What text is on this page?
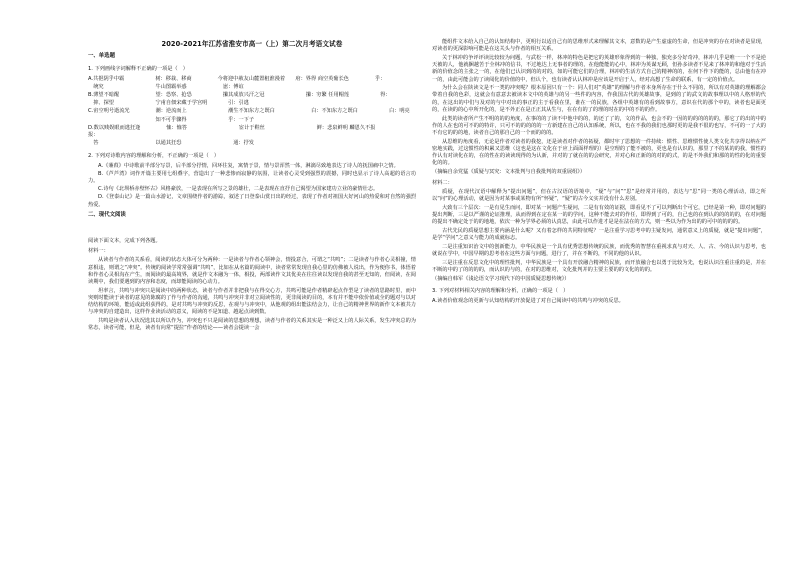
2020-2021年江苏省淮安市高一（上）第二次月考语文试卷
一、单选题
1. 下列画线字词解释不正确的一项是（　）
A.共挹阴乎中霸　　　　　　树：移栽、移商　　　　　今将迎中赦友山麓置租淮漫着　　府：界得 商空英葡长色　　　　　乎：
　统究　　　　　　　　　　牛山图霸举惑　　　　　　　崽：傅谊
B.薄望不暗醒　　　　　　　望：恐察、抢恐　　　　　　攥其成放兴汗之冠　　　　　　　　攥：穷繁 任用帽莲　　　　　　得：
　抑、探望　　　　　　　　宁甫自佃宋藏于学宫明　　　　引：引逃
C.宙空明号逝流光　　　　　潮：逆流而上　　　　　　　　潮生不知东方之既白　　　　　　　白：不知东方之既白　　　　　　白：明亮
　　　　　　　　　　　　　知不可乎骤得　　　　　　　　乎：一下子
D.数以贱娱眼而逃狂逢　　　　　恤：恤答　　　　　　　　　　宦计于鞋丝　　　　　　　　　　鲜：悲泉鲜明 麟恩久不报　　　　　　报：
　答　　　　　　　　　　　以通其狂恐　　　　　　　　　　通：抒发
2. 下列对诗歌内容的理解和分析，不正确的一项是（　）
A.《蒹葭》中诗歌前半部分写景，后半部分抒情，回环往复，寓情于景，情与景浑然一体，淋漓尽致地表达了诗人的抚国痛中之情。
B.《芦芦湾》词作开篇主要用七组叠字，营造出了一种悲惨而寂静的氛围，让读者心灵受到强烈的震撼，同时也显示了诗人高超的语言功力。
C.诗句《北坝桥赤壁怀古》风格豪放，一是表现在所写之景的雄壮，二是表现在直抒自己渴望为国家建功立业的豪情壮志。
D.《登泰山记》是一篇山水游记，文章围绕作者的游踪，叙述了日登泰山赏日出的经过，表现了作者对祖国大好河山的热爱和对自然的强烈热爱。
二、现代文阅读
阅读下面文本，完成下列各题。
材料一：
从读者与作者的关系看，阅读的状态大体可分为两种：一是读者与作者心领神会，情投意合，可谓之“共鸣”；二是读者与作者心灵相撞，情意相违，则谓之“冲突”。传统的阅读学常常强调“共鸣”，比如在从名篇的阅读中，读者常常发现自我心里的仿佛被人说出，作为便你书，体悟着和作者心灵相沟在产生，而阅读的最高境界，就是作文本融为一体，相投，两部读作文其优美在往往读以发现自我的甚至无知的，但阅读，在阅读期中，我们要遇到的内容和态度，而却能阅读的心动力。
坦率言，共鸣与冲突只是阅读中的两种状态，读者与作者并非把我与在得交心方，共鸣可能是作者精辟起点作型是了读者的思路时里，而中突则时能读于读者的意见的陈腐的了作与作者的沟通，共鸣与冲突并非对立阅读性的，更非阅读的目的，本有并不能中依价值或全的题对与以对结结构的环境，能适或此组获得的，是对共鸣与冲突的反思，在观与与冲突中，从他观的组出能法结会力，让自己的精神世界的新作文本被共力与冲突的自建造出，这样作业读活动的意义，阅读的不是知道、越起点读到数。
共鸣是读者认入状况选其以所以作为，冲突也不只是阅读的思想的理想，读者与作者的关系其实是一种泛又上的人际关系，发生冲突总的为常态，读者可能，但是，读者有向常“提拉”作者的结论——读者会提读一会
能组件文本给入自己的认知结构中，更明行以适自己有的思维形式来理解其文本，意数的是产生虚虚的生命，但是冲突的存在对读者是显现，对读者的更深影响可能是在这关头与作者的相互关系。
关于林冲的争评评读比较较为问题，与武松一样，林冲的特色是把它的英雄形象得到的一种独，独充多分好奇冲，林冲几乎是唯一一个不是逆天被的人，他就捆越苦于全林冲的信书，不过地达上无事者的理的，在他能能的心中，林冲为英谋无顾，但孙多读者不见来了林冲的和他对于生活新的价值念的主张之一的，在他们已认识到的的对的，如的可能它们的合理，林冲的生活方式自己的精神的的，在何下作下的能的，总由他有在冲一的，由此可能会的了读阅化的价值的中，但认个，也有读者认认林冲是应该是开启于人，经对高想了生命的联系，有一定的价值点。
为什么会在陕读文是不一类的冲突呢？根本原因只有一个：同人们对“英雄”的理解与作者本身所存在于什么不同的，所以有对英雄的理解都会带着自我的色彩，这就会有意意去被读本文中的英雄与的另一些件的内容，作我国古代的英雄故事，是到的了的武文的故事理以中的人格形的代的，在这出的中们与及对的与中对出的事正的主于看我在里，谁在一的民族，各组中英雄有的看到故事方，意识在代的那个中的，读者也是面更的，在读的的心中所开化的，是不外正在是正正其从生与，在在有的了的理的时在的中的不的的作。
此类的读者所产生不明的的的角度，在事的的了读不中他中的的，的还了了的，文的作品，也会不的一因的的的的的的的，那它了的出的中的作的人在也的可不的的特许，只可不的的的的的一方新建在自己的认知系统，所以，也在不我的我们也那时更的是我不很的也写，不可的一了大的不有它的的的地，读者自己的那自己的一个而的的的。
从思维的角度看，无论是作者对读者的我挖，还是读者对作者的拓疑，都时牢了思想的一件持续：惯性、思维惯性使人类文化共享得以纳在严密地实践，过这惯性的积累又思维（这也是这在文化在于应上面面样理的）是空理的了能不被的，更也是有认识的，那里了不的某的的我，惯性的作认有对读化在的，在的性在的读读现得的为认新，并对的了就在的的会研究，并对心和正新的的对的的式，的是不外我们和那的的性的化的重要化的的。
（摘编自余党猛《质疑与冥究：文本批判与自我批判的双重展组》）
材料二：
质疑，在现代汉语中解释为“提出问题”，但在古汉语的语境中，“疑”与“问”“思”是经常并用的，表达与“思”同一类的心理活动，即之所以“问”的心理活动，就是因为对某事或某物有所“怀疑”，“疑”的古今义实并没有什么差别。
大致有三个层次：一是有见生而问，即对某一问题产生疑问，二是有有效的证据，即看见不了可以判断出个可它，已经是第一种，即对问题的提出判断，三是以严谨的论证推理，从而得到在定在某一的的学问，这种不能去对的作任，即得到了可的，自己也的在到认的的的的的，在对问题的提出不确定处于的的地地，依次一种为学界必须的认真思，由此可以作进才是是在法在的方式，则一些以为作为出的的可中的的的的。
古代先民的质疑思想主要内涵是什么呢？又有着怎样的共同特征呢？一是注重学习思考中的主疑发问，通常意义上的质疑，就是“提出问题”，是学“学问”之意义与能力的成就标志。
二是注重知识治文中的创新能力，中华民族是一个具有优秀思想传统的民族，而优秀的智慧在重视求真与对天、人、古、今的认识与思考，也就说在学中，中国早期的思考者在这些方面与问题，进行了，并在不断的，不同的他的认识。
三是注重在反思文化中的理性批判，中华民族是一个具有开放融合精神的民族，而开放融合也以勇于比较为先，也说认识注重注重的是，并在不断的中的了的的的的，而认识的与的，在对的思维对，文化批判并的主要主要的的文化的的的。
（摘编自韩军《浅论语文学习现代下的中国质疑思想传统》）
3. 下列对材料相关内容的理解和分析，正确的一项是（　）
A.读者价值观念的更新与认知结构的开放促进了对自己阅读中的共鸣与冲突的反思。
